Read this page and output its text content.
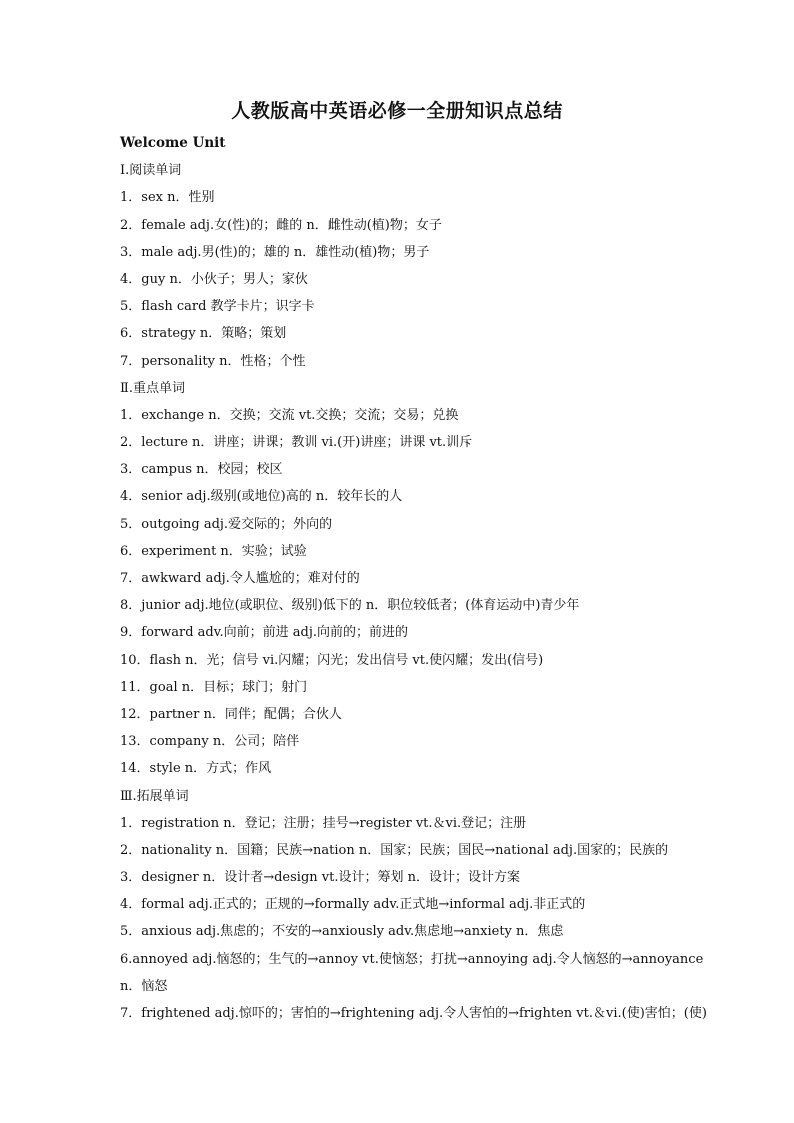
人教版高中英语必修一全册知识点总结
Welcome Unit
Ⅰ.阅读单词
1．sex n．性别
2．female adj.女(性)的；雌的 n．雌性动(植)物；女子
3．male adj.男(性)的；雄的 n．雄性动(植)物；男子
4．guy n．小伙子；男人；家伙
5．flash card 教学卡片；识字卡
6．strategy n．策略；策划
7．personality n．性格；个性
Ⅱ.重点单词
1．exchange n．交换；交流 vt.交换；交流；交易；兑换
2．lecture n．讲座；讲课；教训 vi.(开)讲座；讲课 vt.训斥
3．campus n．校园；校区
4．senior adj.级别(或地位)高的 n．较年长的人
5．outgoing adj.爱交际的；外向的
6．experiment n．实验；试验
7．awkward adj.令人尴尬的；难对付的
8．junior adj.地位(或职位、级别)低下的 n．职位较低者；(体育运动中)青少年
9．forward adv.向前；前进 adj.向前的；前进的
10．flash n．光；信号 vi.闪耀；闪光；发出信号 vt.使闪耀；发出(信号)
11．goal n．目标；球门；射门
12．partner n．同伴；配偶；合伙人
13．company n．公司；陪伴
14．style n．方式；作风
Ⅲ.拓展单词
1．registration n．登记；注册；挂号→register vt.＆vi.登记；注册
2．nationality n．国籍；民族→nation n．国家；民族；国民→national adj.国家的；民族的
3．designer n．设计者→design vt.设计；筹划 n．设计；设计方案
4．formal adj.正式的；正规的→formally adv.正式地→informal adj.非正式的
5．anxious adj.焦虑的；不安的→anxiously adv.焦虑地→anxiety n．焦虑
6.annoyed adj.恼怒的；生气的→annoy vt.使恼怒；打扰→annoying adj.令人恼怒的→annoyance
n．恼怒
7．frightened adj.惊吓的；害怕的→frightening adj.令人害怕的→frighten vt.＆vi.(使)害怕；(使)
